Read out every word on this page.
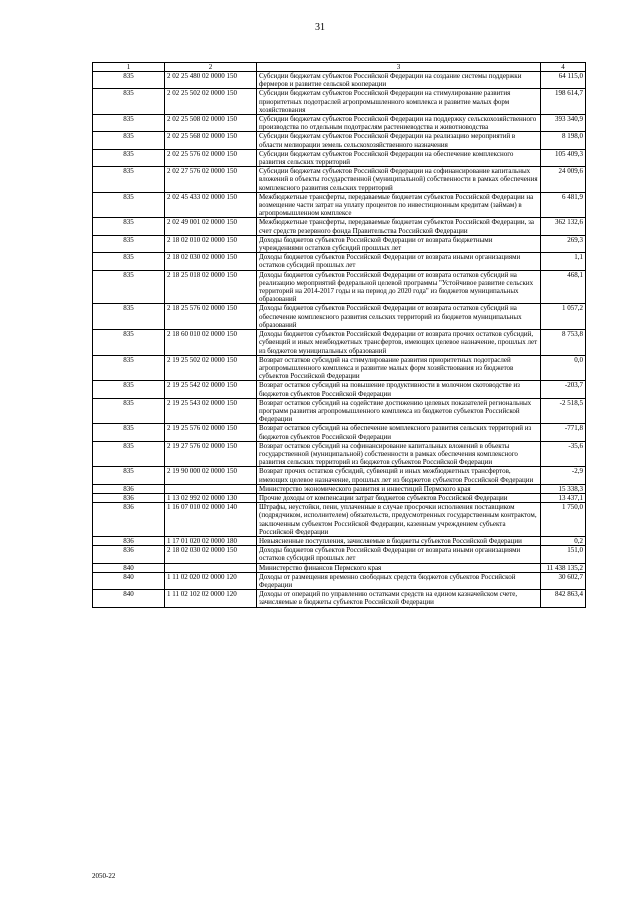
31
1	2	3	4
835	2 02 25 480 02 0000 150	Субсидии бюджетам субъектов Российской Федерации на создание системы поддержки фермеров и развитие сельской кооперации	64 115,0
835	2 02 25 502 02 0000 150	Субсидии бюджетам субъектов Российской Федерации на стимулирование развития приоритетных подотраслей агропромышленного комплекса и развитие малых форм хозяйствования	198 614,7
835	2 02 25 508 02 0000 150	Субсидии бюджетам субъектов Российской Федерации на поддержку сельскохозяйственного производства по отдельным подотраслям растениеводства и животноводства	393 340,9
835	2 02 25 568 02 0000 150	Субсидии бюджетам субъектов Российской Федерации на реализацию мероприятий в области мелиорации земель сельскохозяйственного назначения	8 198,0
835	2 02 25 576 02 0000 150	Субсидии бюджетам субъектов Российской Федерации на обеспечение комплексного развития сельских территорий	105 409,3
835	2 02 27 576 02 0000 150	Субсидии бюджетам субъектов Российской Федерации на софинансирование капитальных вложений в объекты государственной (муниципальной) собственности в рамках обеспечения комплексного развития сельских территорий	24 009,6
835	2 02 45 433 02 0000 150	Межбюджетные трансферты, передаваемые бюджетам субъектов Российской Федерации на возмещение части затрат на уплату процентов по инвестиционным кредитам (займам) в агропромышленном комплексе	6 481,9
835	2 02 49 001 02 0000 150	Межбюджетные трансферты, передаваемые бюджетам субъектов Российской Федерации, за счет средств резервного фонда Правительства Российской Федерации	362 132,6
835	2 18 02 010 02 0000 150	Доходы бюджетов субъектов Российской Федерации от возврата бюджетными учреждениями остатков субсидий прошлых лет	269,3
835	2 18 02 030 02 0000 150	Доходы бюджетов субъектов Российской Федерации от возврата иными организациями остатков субсидий прошлых лет	1,1
835	2 18 25 018 02 0000 150	Доходы бюджетов субъектов Российской Федерации от возврата остатков субсидий на реализацию мероприятий федеральной целевой программы "Устойчивое развитие сельских территорий на 2014-2017 годы и на период до 2020 года" из бюджетов муниципальных образований	468,1
835	2 18 25 576 02 0000 150	Доходы бюджетов субъектов Российской Федерации от возврата остатков субсидий на обеспечение комплексного развития сельских территорий из бюджетов муниципальных образований	1 057,2
835	2 18 60 010 02 0000 150	Доходы бюджетов субъектов Российской Федерации от возврата прочих остатков субсидий, субвенций и иных межбюджетных трансфертов, имеющих целевое назначение, прошлых лет из бюджетов муниципальных образований	8 753,8
835	2 19 25 502 02 0000 150	Возврат остатков субсидий на стимулирование развития приоритетных подотраслей агропромышленного комплекса и развитие малых форм хозяйствования из бюджетов субъектов Российской Федерации	0,0
835	2 19 25 542 02 0000 150	Возврат остатков субсидий на повышение продуктивности в молочном скотоводстве из бюджетов субъектов Российской Федерации	-203,7
835	2 19 25 543 02 0000 150	Возврат остатков субсидий на содействие достижению целевых показателей региональных программ развития агропромышленного комплекса из бюджетов субъектов Российской Федерации	-2 518,5
835	2 19 25 576 02 0000 150	Возврат остатков субсидий на обеспечение комплексного развития сельских территорий из бюджетов субъектов Российской Федерации	-771,8
835	2 19 27 576 02 0000 150	Возврат остатков субсидий на софинансирование капитальных вложений в объекты государственной (муниципальной) собственности в рамках обеспечения комплексного развития сельских территорий из бюджетов субъектов Российской Федерации	-35,6
835	2 19 90 000 02 0000 150	Возврат прочих остатков субсидий, субвенций и иных межбюджетных трансфертов, имеющих целевое назначение, прошлых лет из бюджетов субъектов Российской Федерации	-2,9
836		Министерство экономического развития и инвестиций Пермского края	15 338,3
836	1 13 02 992 02 0000 130	Прочие доходы от компенсации затрат бюджетов субъектов Российской Федерации	13 437,1
836	1 16 07 010 02 0000 140	Штрафы, неустойки, пени, уплаченные в случае просрочки исполнения поставщиком (подрядчиком, исполнителем) обязательств, предусмотренных государственным контрактом, заключенным субъектом Российской Федерации, казенным учреждением субъекта Российской Федерации	1 750,0
836	1 17 01 020 02 0000 180	Невыясненные поступления, зачисляемые в бюджеты субъектов Российской Федерации	0,2
836	2 18 02 030 02 0000 150	Доходы бюджетов субъектов Российской Федерации от возврата иными организациями остатков субсидий прошлых лет	151,0
840		Министерство финансов Пермского края	11 438 135,2
840	1 11 02 020 02 0000 120	Доходы от размещения временно свободных средств бюджетов субъектов Российской Федерации	30 602,7
840	1 11 02 102 02 0000 120	Доходы от операций по управлению остатками средств на едином казначейском счете, зачисляемые в бюджеты субъектов Российской Федерации	842 863,4
2050-22
